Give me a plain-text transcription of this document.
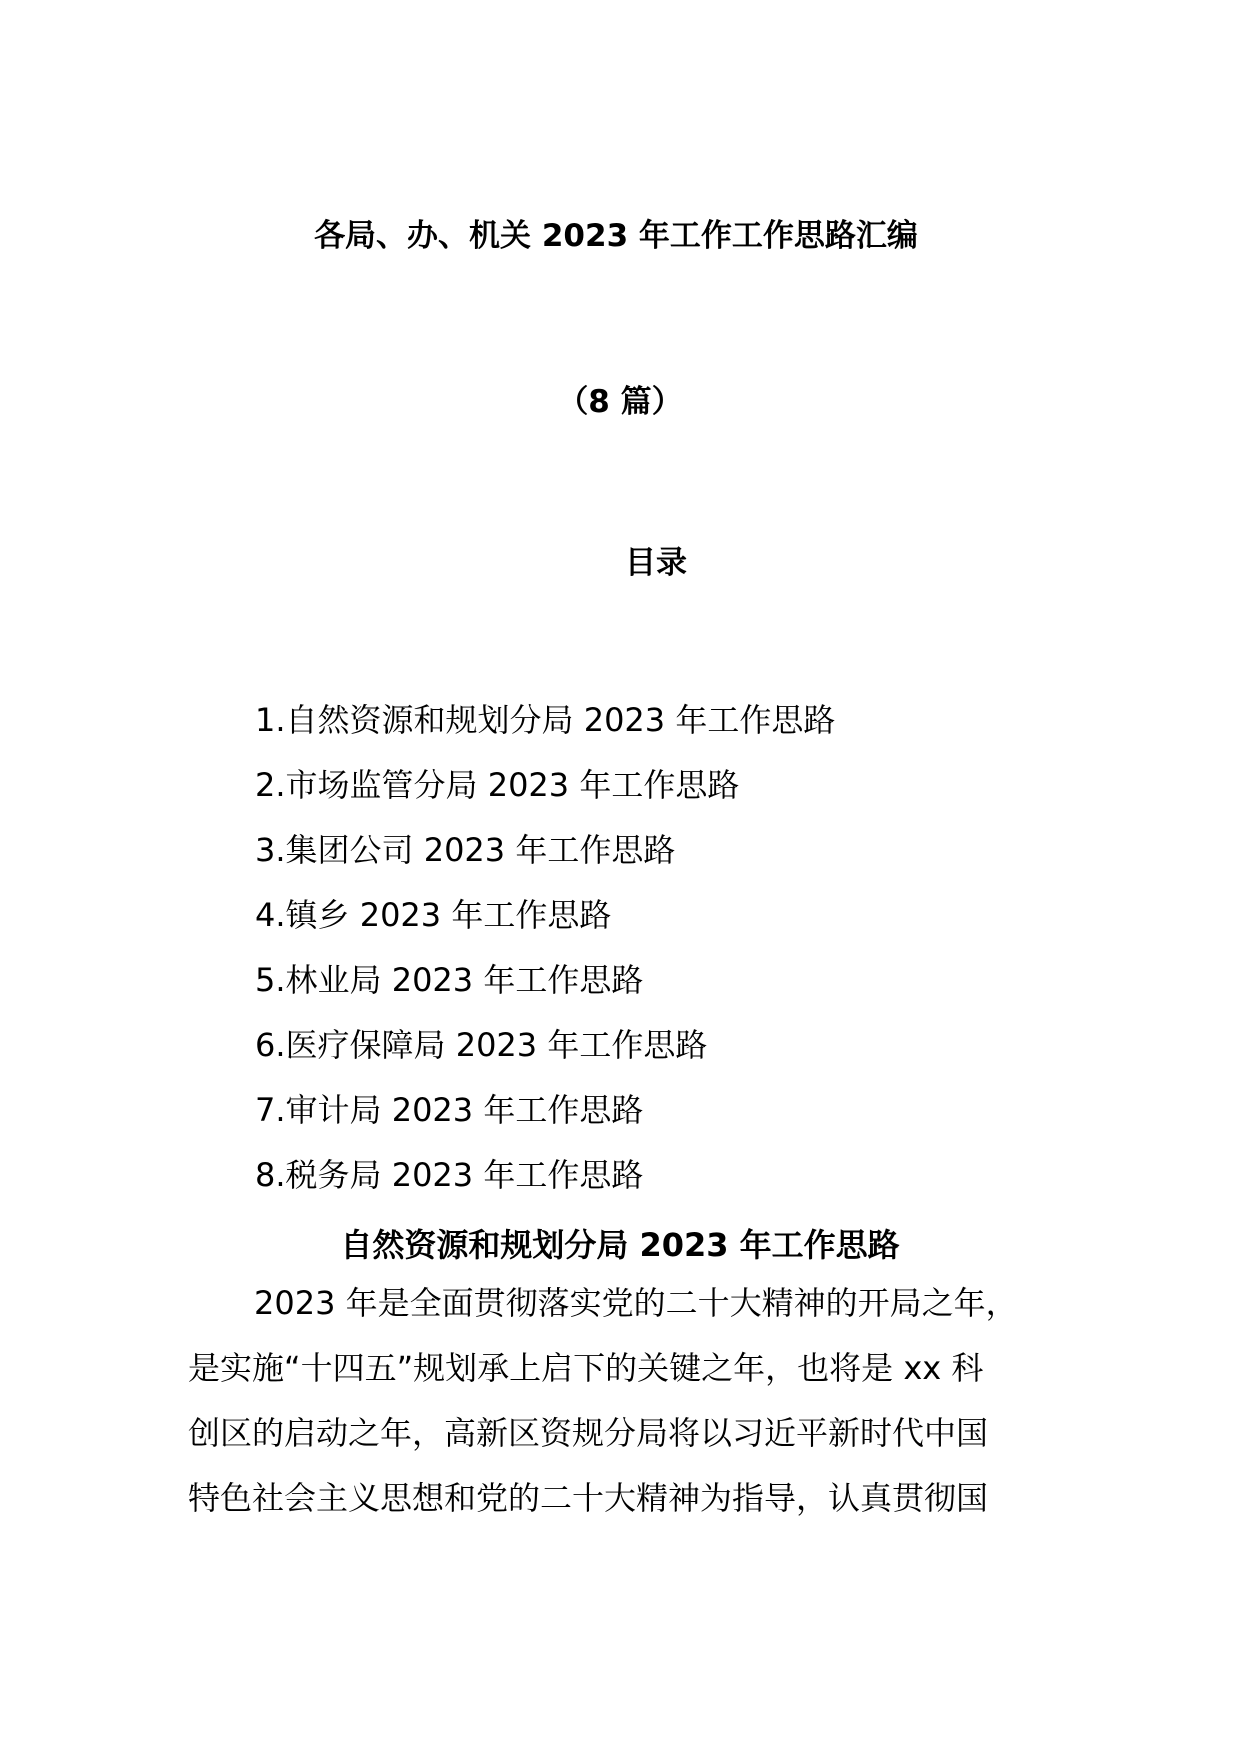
各局、办、机关 2023 年工作工作思路汇编
（8 篇）
目录
1.自然资源和规划分局 2023 年工作思路
2.市场监管分局 2023 年工作思路
3.集团公司 2023 年工作思路
4.镇乡 2023 年工作思路
5.林业局 2023 年工作思路
6.医疗保障局 2023 年工作思路
7.审计局 2023 年工作思路
8.税务局 2023 年工作思路
自然资源和规划分局 2023 年工作思路
2023 年是全面贯彻落实党的二十大精神的开局之年，
是实施“十四五”规划承上启下的关键之年，也将是 xx 科
创区的启动之年，高新区资规分局将以习近平新时代中国
特色社会主义思想和党的二十大精神为指导，认真贯彻国
